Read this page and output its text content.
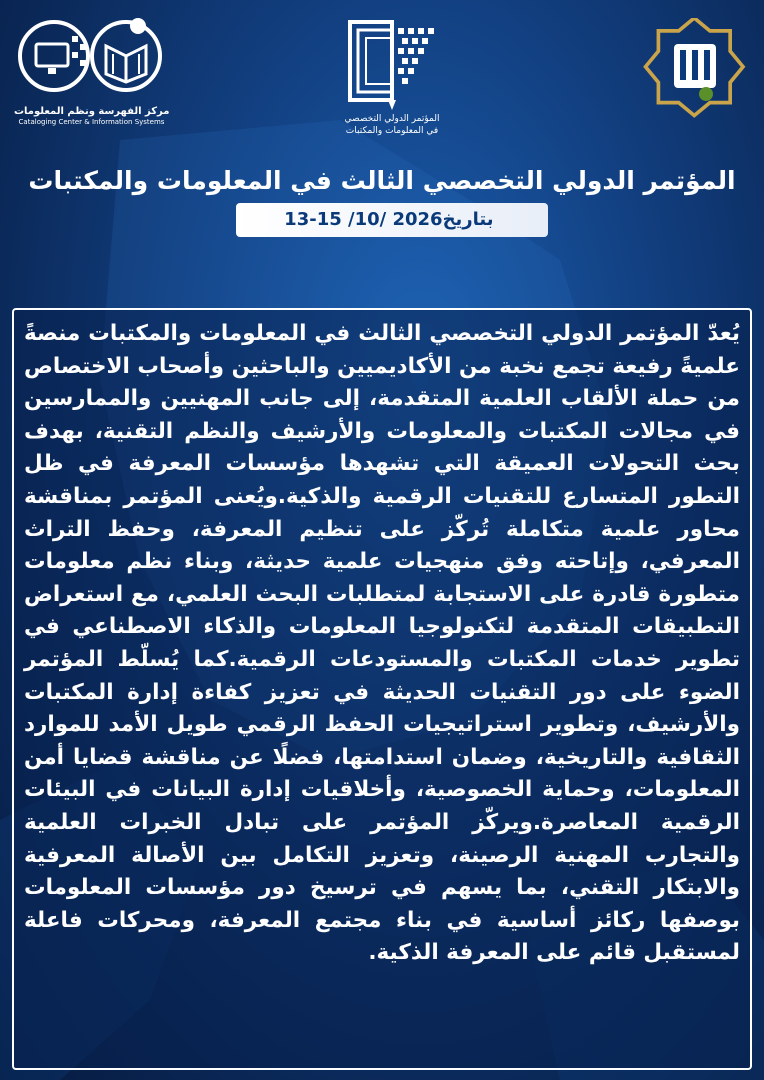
مركز الفهرسة ونظم المعلومات
Cataloging Center & Information Systems	المؤتمر الدولي التخصصي
في المعلومات والمكتبات
المؤتمر الدولي التخصصي الثالث في المعلومات والمكتبات
بتاريخ 13-15 /10/ 2026
يُعدّ المؤتمر الدولي التخصصي الثالث في المعلومات والمكتبات منصةً علميةً رفيعة تجمع نخبة من الأكاديميين والباحثين وأصحاب الاختصاص من حملة الألقاب العلمية المتقدمة، إلى جانب المهنيين والممارسين في مجالات المكتبات والمعلومات والأرشيف والنظم التقنية، بهدف بحث التحولات العميقة التي تشهدها مؤسسات المعرفة في ظل التطور المتسارع للتقنيات الرقمية والذكية.ويُعنى المؤتمر بمناقشة محاور علمية متكاملة تُركّز على تنظيم المعرفة، وحفظ التراث المعرفي، وإتاحته وفق منهجيات علمية حديثة، وبناء نظم معلومات متطورة قادرة على الاستجابة لمتطلبات البحث العلمي، مع استعراض التطبيقات المتقدمة لتكنولوجيا المعلومات والذكاء الاصطناعي في تطوير خدمات المكتبات والمستودعات الرقمية.كما يُسلّط المؤتمر الضوء على دور التقنيات الحديثة في تعزيز كفاءة إدارة المكتبات والأرشيف، وتطوير استراتيجيات الحفظ الرقمي طويل الأمد للموارد الثقافية والتاريخية، وضمان استدامتها، فضلًا عن مناقشة قضايا أمن المعلومات، وحماية الخصوصية، وأخلاقيات إدارة البيانات في البيئات الرقمية المعاصرة.ويركّز المؤتمر على تبادل الخبرات العلمية والتجارب المهنية الرصينة، وتعزيز التكامل بين الأصالة المعرفية والابتكار التقني، بما يسهم في ترسيخ دور مؤسسات المعلومات بوصفها ركائز أساسية في بناء مجتمع المعرفة، ومحركات فاعلة لمستقبل قائم على المعرفة الذكية.
